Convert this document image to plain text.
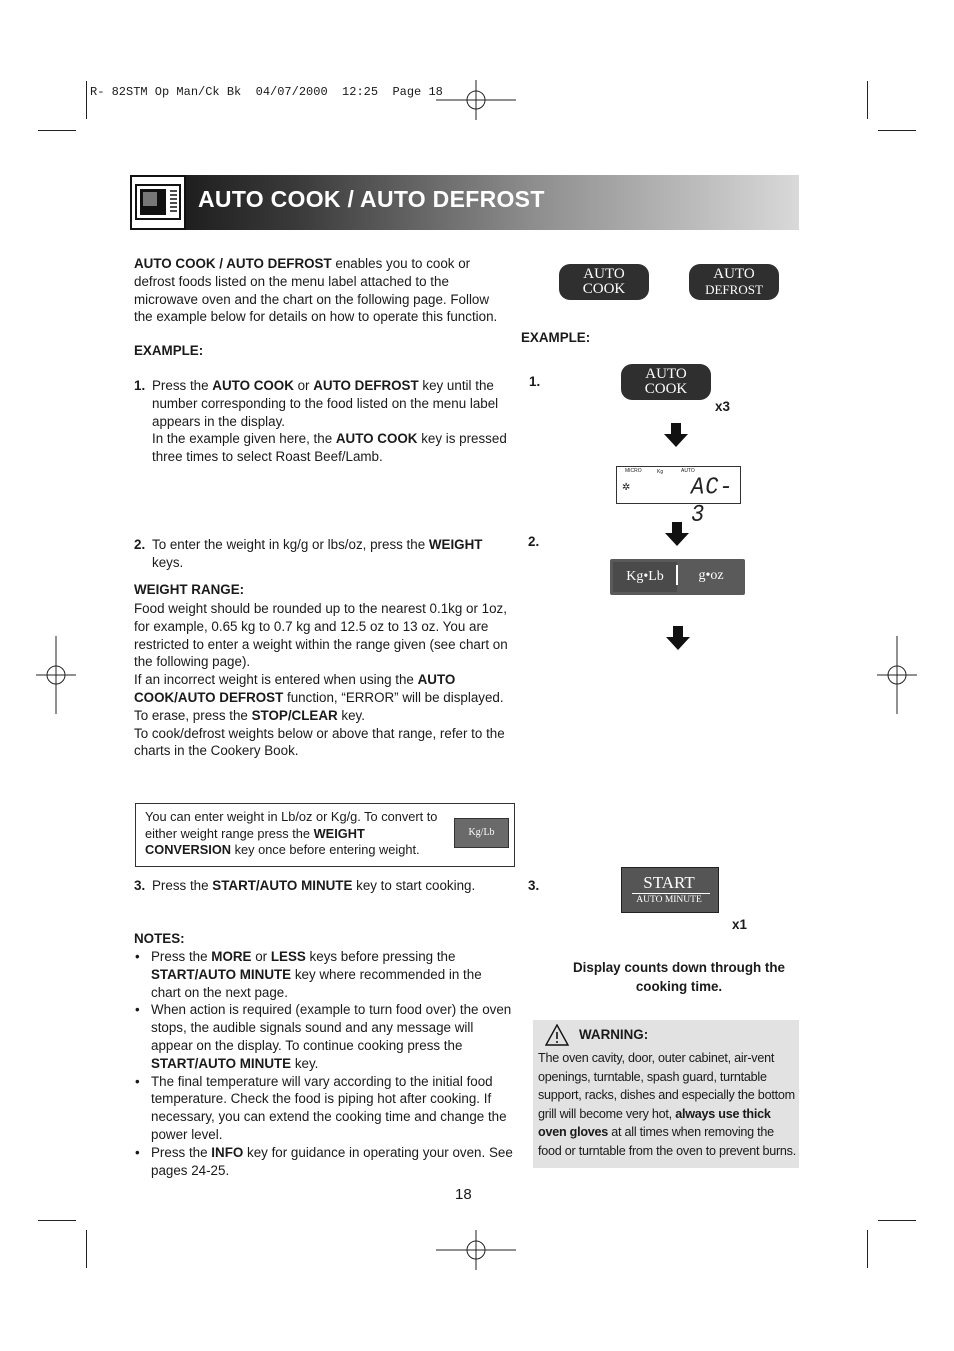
R- 82STM Op Man/Ck Bk  04/07/2000  12:25  Page 18
AUTO COOK / AUTO DEFROST

AUTO COOK / AUTO DEFROST enables you to cook or defrost foods listed on the menu label attached to the microwave oven and the chart on the following page. Follow the example below for details on how to operate this function.

EXAMPLE:
1. Press the AUTO COOK or AUTO DEFROST key until the number corresponding to the food listed on the menu label appears in the display.
In the example given here, the AUTO COOK key is pressed three times to select Roast Beef/Lamb.

2. To enter the weight in kg/g or lbs/oz, press the WEIGHT keys.

WEIGHT RANGE:

Food weight should be rounded up to the nearest 0.1kg or 1oz, for example, 0.65 kg to 0.7 kg and 12.5 oz to 13 oz. You are restricted to enter a weight within the range given (see chart on the following page).

If an incorrect weight is entered when using the AUTO COOK/AUTO DEFROST function, “ERROR” will be displayed.

To erase, press the STOP/CLEAR key.

To cook/defrost weights below or above that range, refer to the charts in the Cookery Book.

You can enter weight in Lb/oz or Kg/g. To convert to either weight range press the WEIGHT CONVERSION key once before entering weight.

Kg/Lb
3. Press the START/AUTO MINUTE key to start cooking.

NOTES:
• Press the MORE or LESS keys before pressing the START/AUTO MINUTE key where recommended in the chart on the next page.
• When action is required (example to turn food over) the oven stops, the audible signals sound and any message will appear on the display. To continue cooking press the START/AUTO MINUTE key.
• The final temperature will vary according to the initial food temperature. Check the food is piping hot after cooking. If necessary, you can extend the cooking time and change the power level.
• Press the INFO key for guidance in operating your oven. See pages 24-25.
18
AUTO
COOK
AUTO
DEFROST
EXAMPLE:
1.	AUTO
COOK
x3
MICRO	Kg	AUTO
✲	AC-3
2.
Kg•Lb	g•oz
3.	START
AUTO MINUTE
x1
Display counts down through the cooking time.
WARNING:

The oven cavity, door, outer cabinet, air-vent openings, turntable, spash guard, turntable support, racks, dishes and especially the bottom grill will become very hot, always use thick oven gloves at all times when removing the food or turntable from the oven to prevent burns.
